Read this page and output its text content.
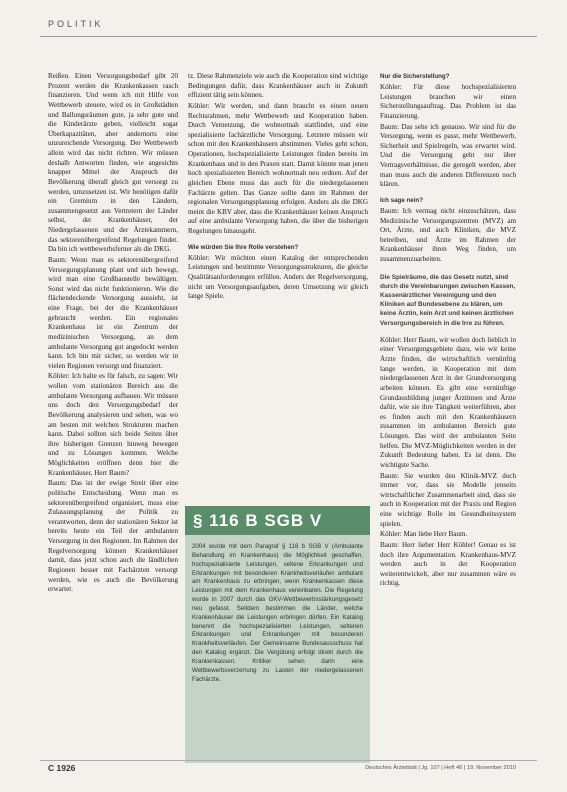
POLITIK

Reißen. Einen Versorgungsbedarf gibt 20 Prozent werden die Krankenkassen rasch finanzieren. Und wenn ich mit Hilfe von Wettbewerb steuere, wird es in Großstädten und Ballungsräumen gute, ja sehr gute und die Kinderärzte geben, vielleicht sogar Überkapazitäten, aber andernorts eine unzureichende Versorgung. Der Wettbewerb allein wird das nicht richten. Wir müssen deshalb Antworten finden, wie angesichts knapper Mittel der Anspruch der Bevölkerung überall gleich gut versorgt zu werden, umzusetzen ist. Wir benötigen dafür ein Gremium in den Ländern, zusammengesetzt aus Vertretern der Länder selbst, der Krankenhäuser, der Niedergelassenen und der Ärztekammern, das sektorenübergreifend Regelungen findet. Da bin ich wettbewerbsferner als die DKG.

Baum: Wenn man es sektorenübergreifend Versorgungsplanung plant und sich bewegt, wird man eine Großbaustelle bewältigen. Sonst wird das nicht funktionieren. Wie die flächendeckende Versorgung aussieht, ist eine Frage, bei der die Krankenhäuser gebraucht werden. Ein regionales Krankenhaus ist ein Zentrum der medizinischen Versorgung, an dem ambulante Versorgung gut angedockt werden kann. Ich bin mir sicher, so werden wir in vielen Regionen versorgt und finanziert.

Köhler: Ich halte es für falsch, zu sagen: Wir wollen vom stationären Bereich aus die ambulante Versorgung aufbauen. Wir müssen uns doch den Versorgungsbedarf der Bevölkerung analysieren und sehen, was wo am besten mit welchen Strukturen machen kann. Dabei sollten sich beide Seiten über ihre bisherigen Grenzen hinweg bewegen und zu Lösungen kommen. Welche Möglichkeiten eröffnen denn hier die Krankenhäuser, Herr Baum?

Baum: Das ist der ewige Streit über eine politische Entscheidung. Wenn man es sektorenübergreifend organisiert, muss eine Zulassungsplanung der Politik zu verantworten, denn der stationären Sektor ist bereits heute ein Teil der ambulanten Versorgung in den Regionen. Im Rahmen der Regelversorgung können Krankenhäuser damit, dass jetzt schon auch die ländlichen Regionen besser mit Fachärzten versorgt werden, wie es auch die Bevölkerung erwartet.

tz. Diese Rahmenziele wie auch die Kooperation sind wichtige Bedingungen dafür, dass Krankenhäuser auch in Zukunft effizient tätig sein können.

Köhler: Wir werden, und dann braucht es einen neuen Rechtsrahmen, mehr Wettbewerb und Kooperation haben. Durch Vernetzung, die wohnortnah stattfindet, und eine spezialisierte fachärztliche Versorgung. Letztere müssen wir schon mit den Krankenhäusern abstimmen. Vieles geht schon, Operationen, hochspezialisierte Leistungen finden bereits im Krankenhaus und in den Praxen statt. Damit könnte man jenen hoch spezialisierten Bereich wohnortnah neu ordnen. Auf der gleichen Ebene muss das auch für die niedergelassenen Fachärzte gelten. Das Ganze sollte dann im Rahmen der regionalen Versorgungsplanung erfolgen. Anders als die DKG meint die KBV aber, dass die Krankenhäuser keinen Anspruch auf eine ambulante Versorgung haben, die über die bisherigen Regelungen hinausgeht.

Wie würden Sie Ihre Rolle verstehen?

Köhler: Wir möchten einen Katalog der entsprechenden Leistungen und bestimmte Versorgungsstrukturen, die gleiche Qualitätsanforderungen erfüllen. Anders der Regelversorgung, nicht um Versorgungsaufgaben, deren Umsetzung wir gleich lange Spiele.

§ 116 B SGB V
2004 wurde mit dem Paragraf § 116 b SGB V (Ambulante Behandlung im Krankenhaus) die Möglichkeit geschaffen, hochspezialisierte Leistungen, seltene Erkrankungen und Erkrankungen mit besonderen Krankheitsverläufen ambulant am Krankenhaus zu erbringen, wenn Krankenkassen diese Leistungen mit dem Krankenhaus vereinbaren. Die Regelung wurde in 2007 durch das GKV-Wettbewerbsstärkungsgesetz neu gefasst. Seitdem bestimmen die Länder, welche Krankenhäuser die Leistungen erbringen dürfen. Ein Katalog benennt die hochspezialisierten Leistungen, seltenen Erkrankungen und Erkrankungen mit besonderen Krankheitsverläufen. Der Gemeinsame Bundesausschuss hat den Katalog ergänzt. Die Vergütung erfolgt direkt durch die Krankenkassen. Kritiker sehen darin eine Wettbewerbsverzerrung zu Lasten der niedergelassenen Fachärzte.
Nur die Sicherstellung?

Köhler: Für diese hochspezialisierten Leistungen brauchen wir einen Sicherstellungsauftrag. Das Problem ist das Finanzierung.

Baum: Das sehe ich genauso. Wir sind für die Versorgung, wenn es passt, mehr Wettbewerb, Sicherheit und Spielregeln, was erwartet wird. Und die Versorgung geht nur über Vertragsverhältnisse, die geregelt werden, aber man muss auch die anderen Differenzen noch klären.

Ich sage nein?

Baum: Ich vermag nicht einzuschätzen, dass Medizinische Versorgungszentren (MVZ) am Ort, Ärzte, und auch Kliniken, die MVZ betreiben, und Ärzte im Rahmen der Krankenhäuser ihren Weg finden, um zusammenzuarbeiten.

Die Spielräume, die das Gesetz nutzt, sind durch die Vereinbarungen zwischen Kassen, Kassenärztlicher Vereinigung und den Kliniken auf Bundesebene zu klären, um keine Ärztin, kein Arzt und keinen ärztlichen Versorgungsbereich in die Irre zu führen.

Köhler: Herr Baum, wir wollen doch lieblich in einer Versorgungsgebiete dazu, wie wir keine Ärzte finden, die wirtschaftlich vernünftig lange werden, in Kooperation mit dem niedergelassenen Arzt in der Grundversorgung arbeiten können. Es gibt eine vernünftige Grundausbildung junger Ärztinnen und Ärzte dafür, wie sie ihre Tätigkeit weiterführen, aber es finden auch mit den Krankenhäusern zusammen im ambulanten Bereich gute Lösungen. Das wird der ambulanten Seite helfen. Die MVZ-Möglichkeiten werden in der Zukunft Bedeutung haben. Es ist denn. Die wichtigste Sache.

Baum: Sie wurden den Klinik-MVZ doch immer vor, dass sie Modelle jenseits wirtschaftlicher Zusammenarbeit sind, dass sie auch in Kooperation mit der Praxis und Region eine wichtige Rolle im Gesundheitssystem spielen.

Köhler: Man liebe Herr Baum.

Baum: Herr lieber Herr Köhler! Genau es ist doch ihre Argumentation. Krankenhaus-MVZ werden auch in der Kooperation weiterentwickelt, aber nur zusammen wäre es richtig.

C 1926	Deutsches Ärzteblatt | Jg. 107 | Heft 46 | 19. November 2010
